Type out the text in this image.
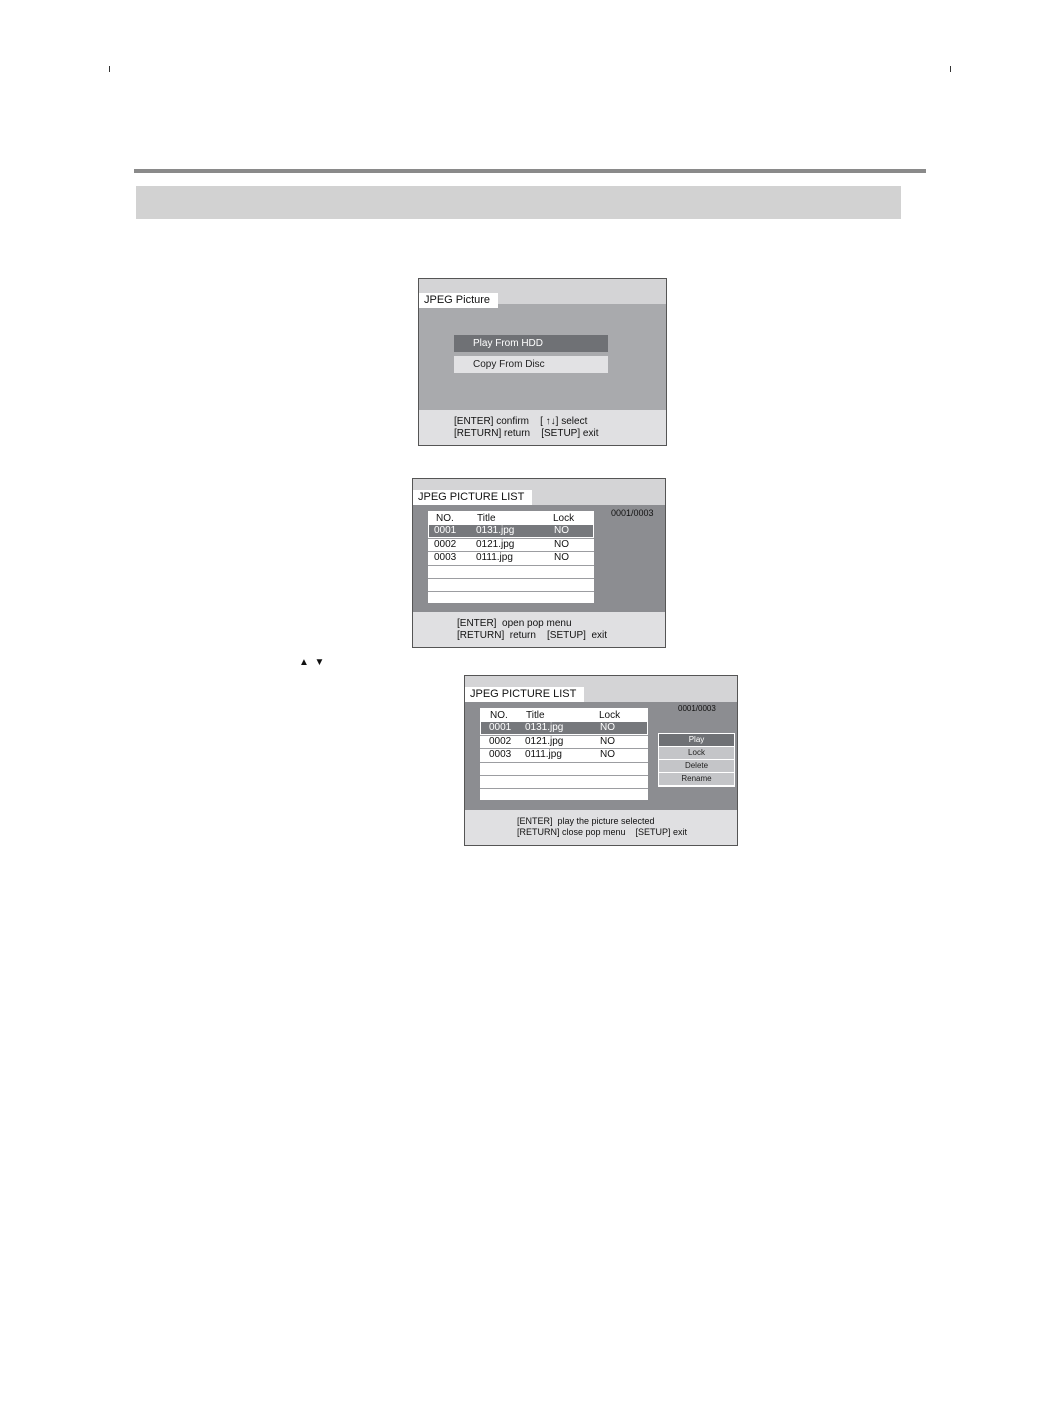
Play From HDD
Copy From Disc
JPEG Picture
[ENTER] confirm    [ ↑↓] select
[RETURN] return    [SETUP] exit
0001/0003
NO. Title	Lock
0001 0131.jpg	NO
0002 0121.jpg	NO
0003 0111.jpg	NO
JPEG PICTURE LIST
[ENTER]  open pop menu
[RETURN]  return    [SETUP]  exit
▲  ▼
0001/0003
NO. Title	Lock
0001 0131.jpg	NO
0002 0121.jpg	NO
0003 0111.jpg	NO
Play
Lock
Delete
Rename
JPEG PICTURE LIST
[ENTER]  play the picture selected
[RETURN] close pop menu    [SETUP] exit
